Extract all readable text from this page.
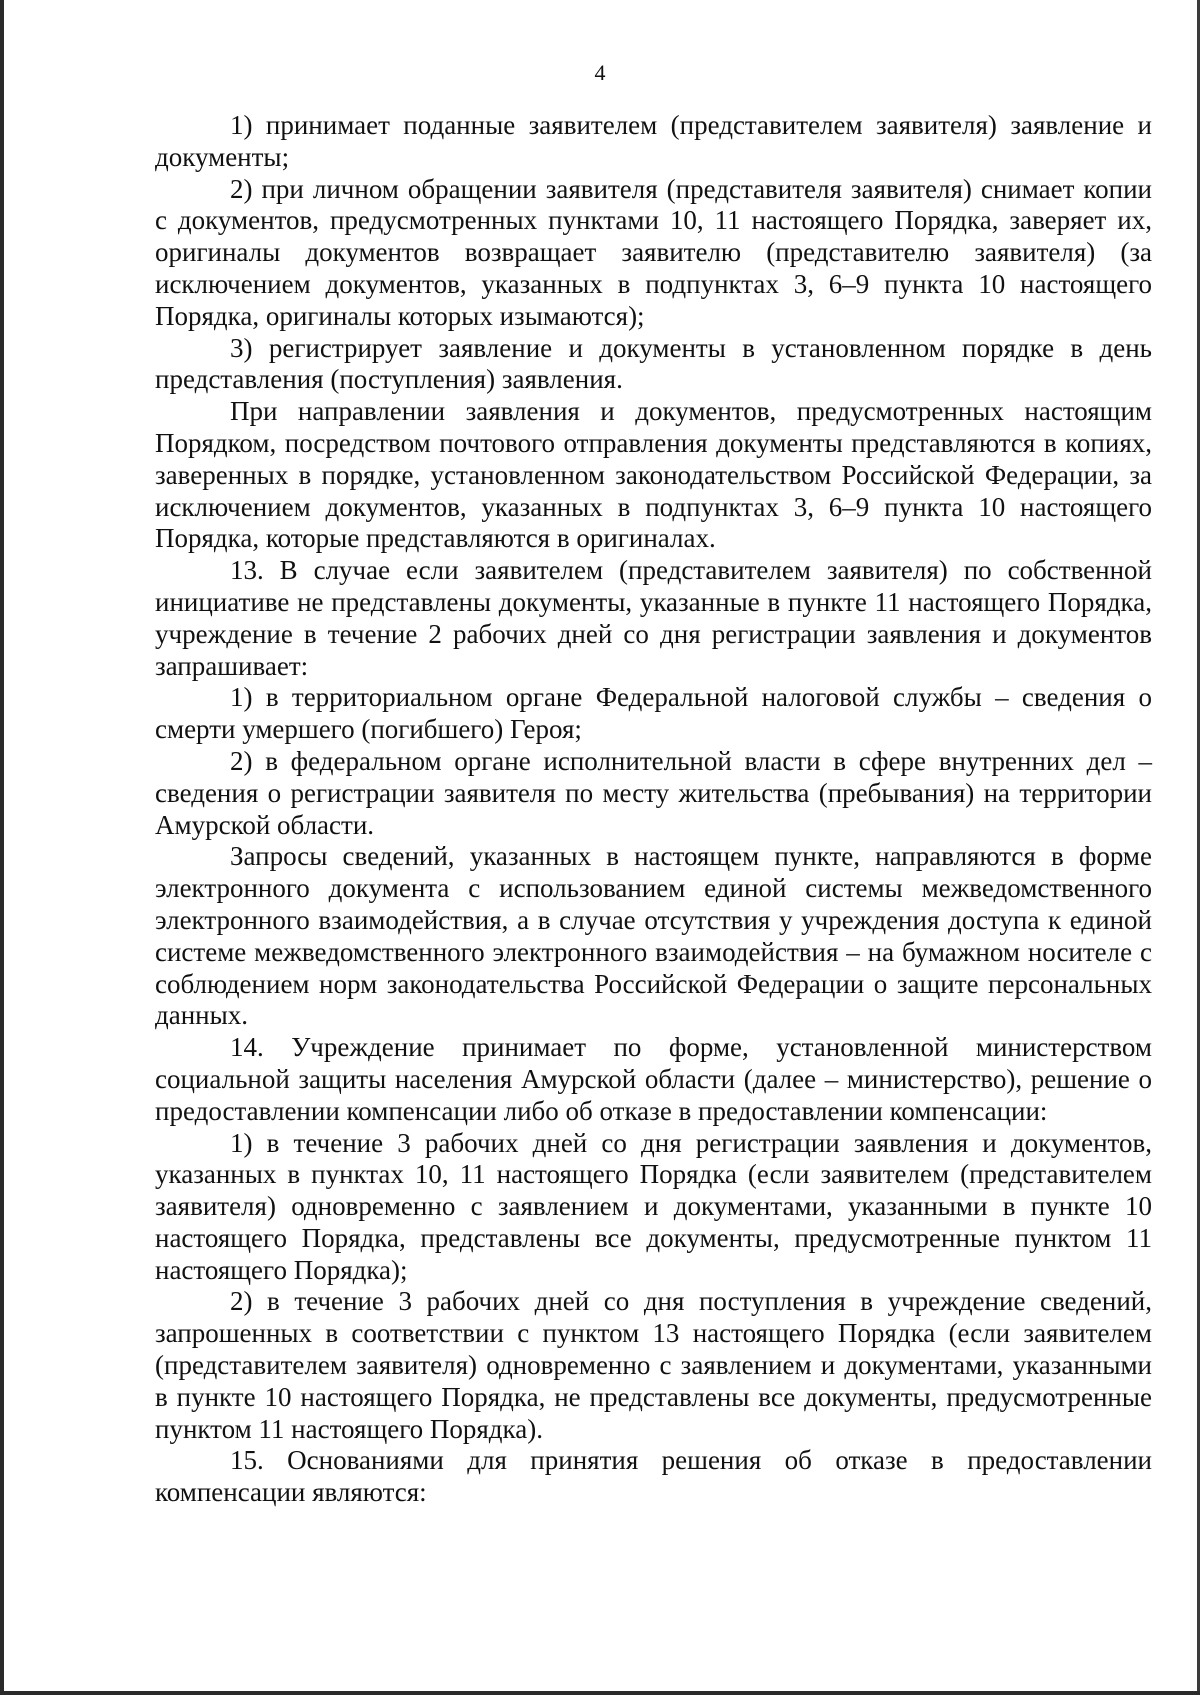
4

1) принимает поданные заявителем (представителем заявителя) заявление и документы;

2) при личном обращении заявителя (представителя заявителя) снимает копии с документов, предусмотренных пунктами 10, 11 настоящего Порядка, заверяет их, оригиналы документов возвращает заявителю (представителю заявителя) (за исключением документов, указанных в подпунктах 3, 6–9 пункта 10 настоящего Порядка, оригиналы которых изымаются);

3) регистрирует заявление и документы в установленном порядке в день представления (поступления) заявления.

При направлении заявления и документов, предусмотренных настоящим Порядком, посредством почтового отправления документы представляются в копиях, заверенных в порядке, установленном законодательством Российской Федерации, за исключением документов, указанных в подпунктах 3, 6–9 пункта 10 настоящего Порядка, которые представляются в оригиналах.

13. В случае если заявителем (представителем заявителя) по собственной инициативе не представлены документы, указанные в пункте 11 настоящего Порядка, учреждение в течение 2 рабочих дней со дня регистрации заявления и документов запрашивает:

1) в территориальном органе Федеральной налоговой службы – сведения о смерти умершего (погибшего) Героя;

2) в федеральном органе исполнительной власти в сфере внутренних дел – сведения о регистрации заявителя по месту жительства (пребывания) на территории Амурской области.

Запросы сведений, указанных в настоящем пункте, направляются в форме электронного документа с использованием единой системы межведомственного электронного взаимодействия, а в случае отсутствия у учреждения доступа к единой системе межведомственного электронного взаимодействия – на бумажном носителе с соблюдением норм законодательства Российской Федерации о защите персональных данных.

14. Учреждение принимает по форме, установленной министерством социальной защиты населения Амурской области (далее – министерство), решение о предоставлении компенсации либо об отказе в предоставлении компенсации:

1) в течение 3 рабочих дней со дня регистрации заявления и документов, указанных в пунктах 10, 11 настоящего Порядка (если заявителем (представителем заявителя) одновременно с заявлением и документами, указанными в пункте 10 настоящего Порядка, представлены все документы, предусмотренные пунктом 11 настоящего Порядка);

2) в течение 3 рабочих дней со дня поступления в учреждение сведений, запрошенных в соответствии с пунктом 13 настоящего Порядка (если заявителем (представителем заявителя) одновременно с заявлением и документами, указанными в пункте 10 настоящего Порядка, не представлены все документы, предусмотренные пунктом 11 настоящего Порядка).

15. Основаниями для принятия решения об отказе в предоставлении компенсации являются:
